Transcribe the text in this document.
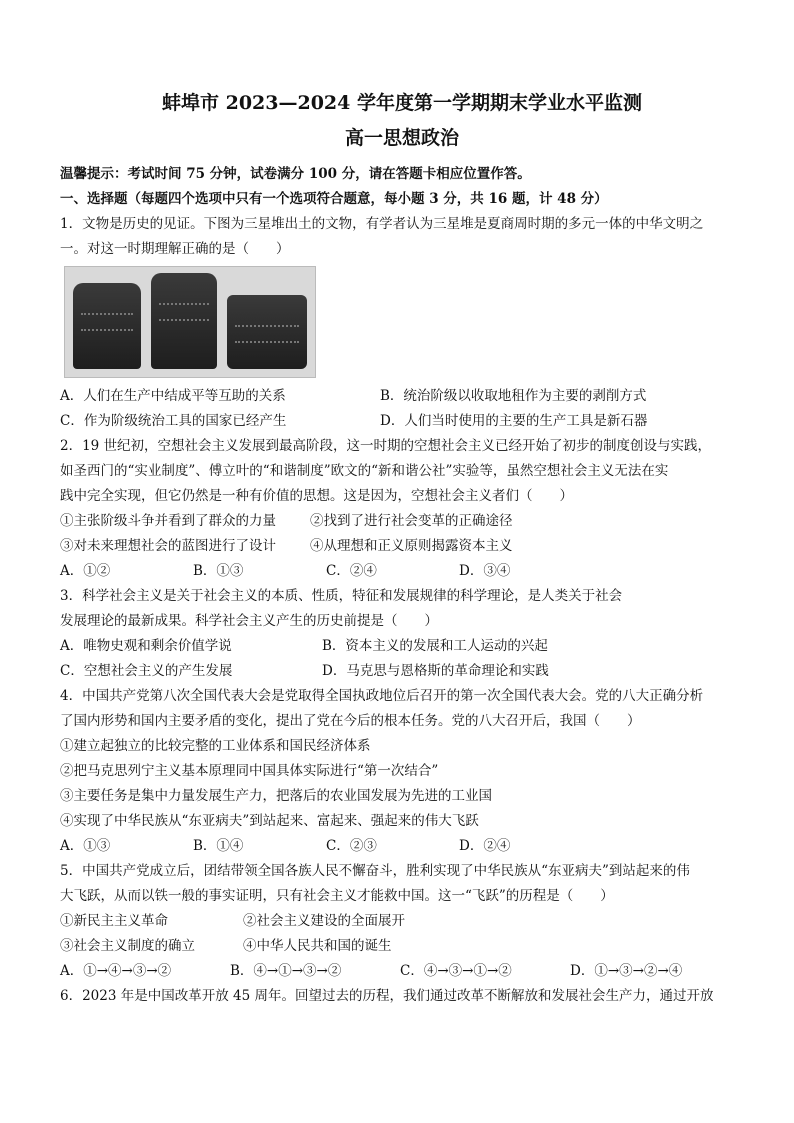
蚌埠市 2023—2024 学年度第一学期期末学业水平监测

高一思想政治

温馨提示：考试时间 75 分钟，试卷满分 100 分，请在答题卡相应位置作答。

一、选择题（每题四个选项中只有一个选项符合题意，每小题 3 分，共 16 题，计 48 分）

1．文物是历史的见证。下图为三星堆出土的文物，有学者认为三星堆是夏商周时期的多元一体的中华文明之

一。对这一时期理解正确的是（　　）

A．人们在生产中结成平等互助的关系	B．统治阶级以收取地租作为主要的剥削方式
C．作为阶级统治工具的国家已经产生	D．人们当时使用的主要的生产工具是新石器

2．19 世纪初，空想社会主义发展到最高阶段，这一时期的空想社会主义已经开始了初步的制度创设与实践，

如圣西门的“实业制度”、傅立叶的“和谐制度”欧文的“新和谐公社”实验等，虽然空想社会主义无法在实

践中完全实现，但它仍然是一种有价值的思想。这是因为，空想社会主义者们（　　）

①主张阶级斗争并看到了群众的力量	②找到了进行社会变革的正确途径
③对未来理想社会的蓝图进行了设计	④从理想和正义原则揭露资本主义
A．①②	B．①③	C．②④	D．③④

3．科学社会主义是关于社会主义的本质、性质，特征和发展规律的科学理论，是人类关于社会

发展理论的最新成果。科学社会主义产生的历史前提是（　　）

A．唯物史观和剩余价值学说	B．资本主义的发展和工人运动的兴起
C．空想社会主义的产生发展	D．马克思与恩格斯的革命理论和实践

4．中国共产党第八次全国代表大会是党取得全国执政地位后召开的第一次全国代表大会。党的八大正确分析

了国内形势和国内主要矛盾的变化，提出了党在今后的根本任务。党的八大召开后，我国（　　）

①建立起独立的比较完整的工业体系和国民经济体系

②把马克思列宁主义基本原理同中国具体实际进行“第一次结合”

③主要任务是集中力量发展生产力，把落后的农业国发展为先进的工业国

④实现了中华民族从“东亚病夫”到站起来、富起来、强起来的伟大飞跃

A．①③	B．①④	C．②③	D．②④

5．中国共产党成立后，团结带领全国各族人民不懈奋斗，胜利实现了中华民族从“东亚病夫”到站起来的伟

大飞跃，从而以铁一般的事实证明，只有社会主义才能救中国。这一“飞跃”的历程是（　　）

①新民主主义革命	②社会主义建设的全面展开
③社会主义制度的确立	④中华人民共和国的诞生
A．①→④→③→②	B．④→①→③→②	C．④→③→①→②	D．①→③→②→④

6．2023 年是中国改革开放 45 周年。回望过去的历程，我们通过改革不断解放和发展社会生产力，通过开放
